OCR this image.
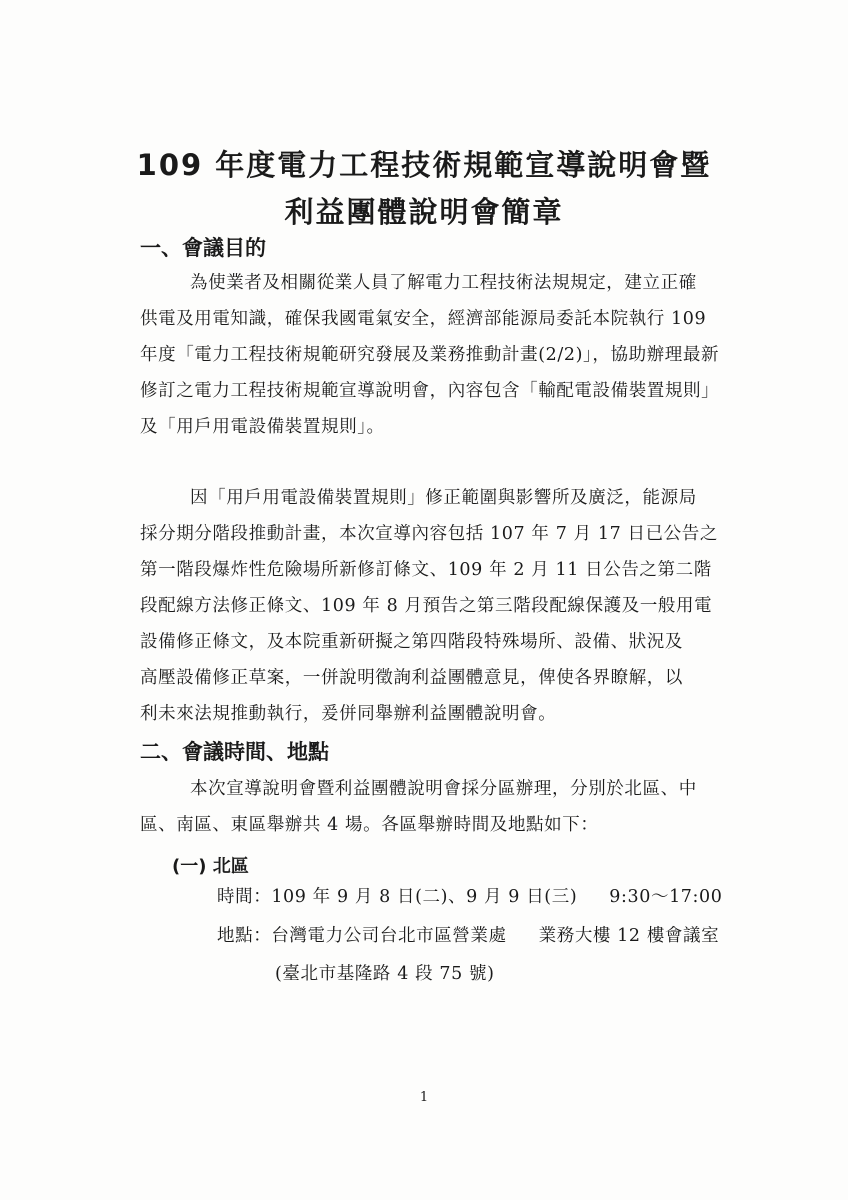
109 年度電力工程技術規範宣導說明會暨
利益團體說明會簡章
一、會議目的
為使業者及相關從業人員了解電力工程技術法規規定，建立正確
供電及用電知識，確保我國電氣安全，經濟部能源局委託本院執行 109
年度「電力工程技術規範研究發展及業務推動計畫(2/2)」，協助辦理最新
修訂之電力工程技術規範宣導說明會，內容包含「輸配電設備裝置規則」
及「用戶用電設備裝置規則」。
因「用戶用電設備裝置規則」修正範圍與影響所及廣泛，能源局
採分期分階段推動計畫，本次宣導內容包括 107 年 7 月 17 日已公告之
第一階段爆炸性危險場所新修訂條文、109 年 2 月 11 日公告之第二階
段配線方法修正條文、109 年 8 月預告之第三階段配線保護及一般用電
設備修正條文，及本院重新研擬之第四階段特殊場所、設備、狀況及
高壓設備修正草案，一併說明徵詢利益團體意見，俾使各界瞭解，以
利未來法規推動執行，爰併同舉辦利益團體說明會。
二、會議時間、地點
本次宣導說明會暨利益團體說明會採分區辦理，分別於北區、中
區、南區、東區舉辦共 4 場。各區舉辦時間及地點如下：
(一) 北區

時間：109 年 9 月 8 日(二)、9 月 9 日(三) 9:30～17:00

地點：台灣電力公司台北市區營業處 業務大樓 12 樓會議室

(臺北市基隆路 4 段 75 號)

1
